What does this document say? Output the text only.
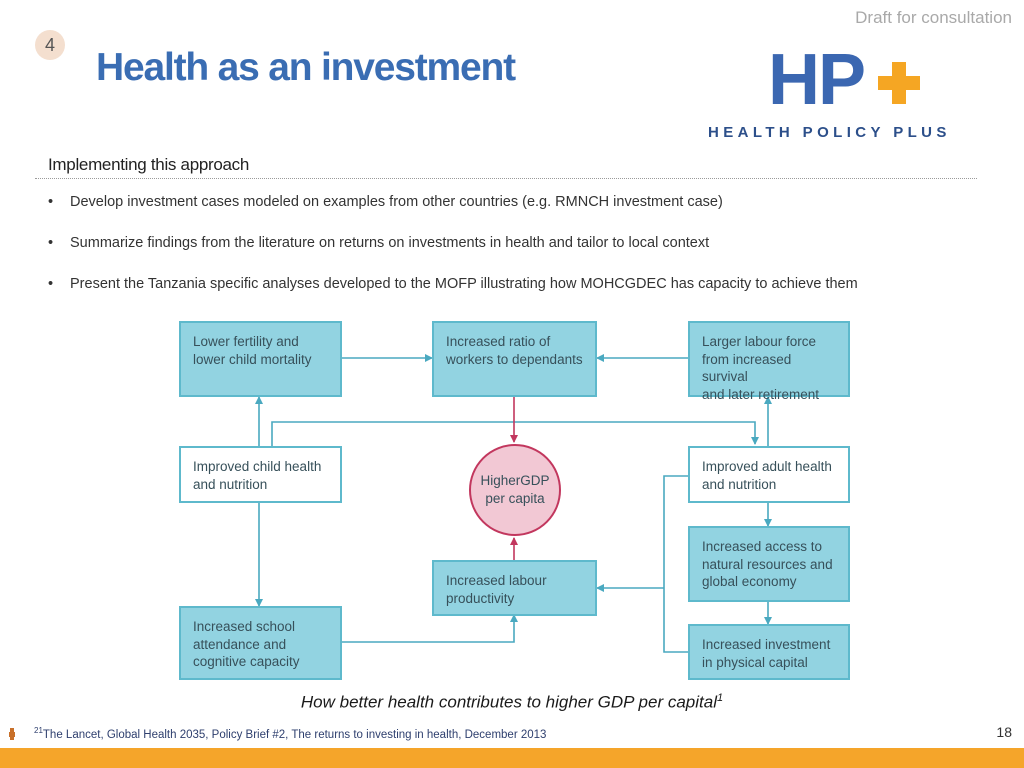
Draft for consultation
4
Health as an investment	HP
HEALTH POLICY PLUS
Implementing this approach
• Develop investment cases modeled on examples from other countries (e.g. RMNCH investment case)
• Summarize findings from the literature on returns on investments in health and tailor to local context
• Present the Tanzania specific analyses developed to the MOFP illustrating how MOHCGDEC has capacity to achieve them
Lower fertility and
lower child mortality
Increased ratio of
workers to dependants
Larger labour force
from increased survival
and later retirement
Improved child health
and nutrition	HigherGDP
per capita
Improved adult health
and nutrition
Increased access to
natural resources and
global economy
Increased labour
productivity
Increased school
attendance and
cognitive capacity
Increased investment
in physical capital
How better health contributes to higher GDP per capital$^1$
$^{21}$The Lancet, Global Health 2035, Policy Brief #2, The returns to investing in health, December 2013	18
